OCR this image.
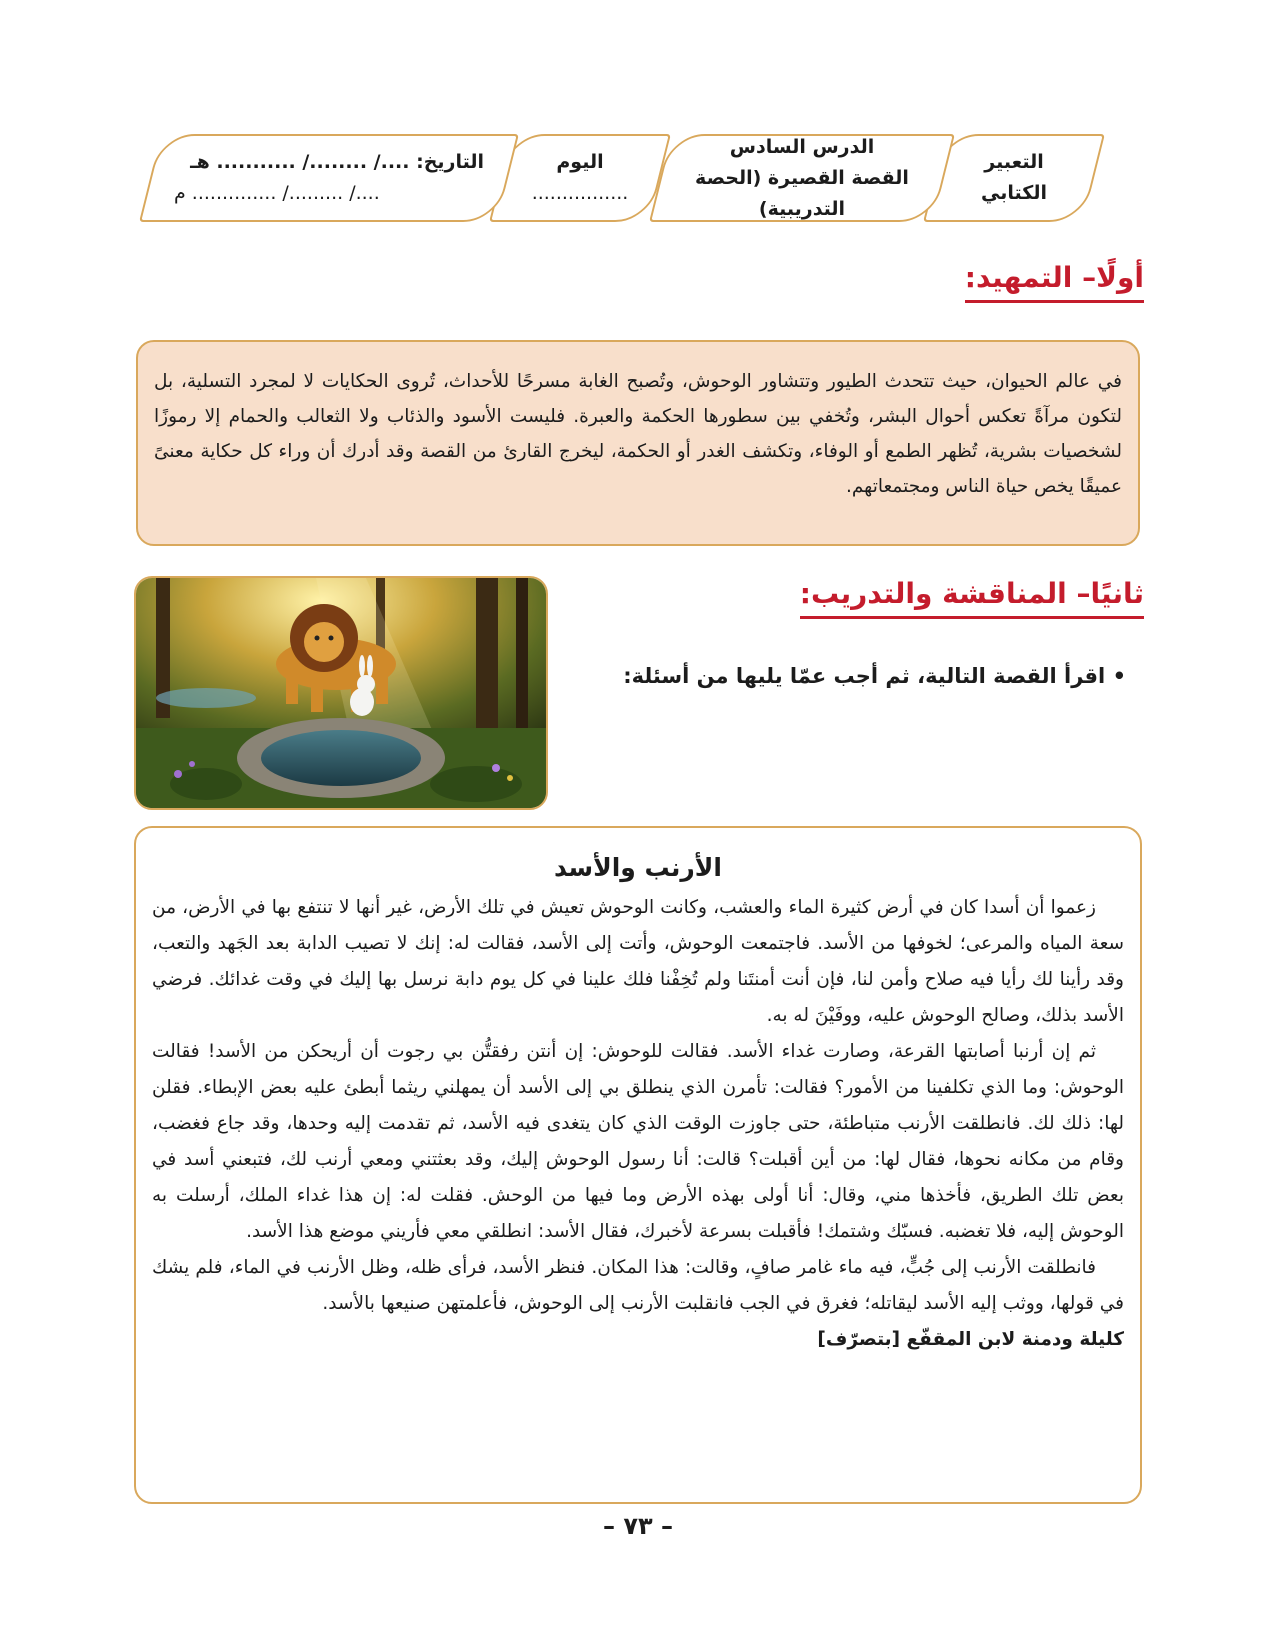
التعبير
الكتابي
الدرس السادس
القصة القصيرة (الحصة التدريبية)
اليوم
................
التاريخ: ..../ ......../ ........... هـ
..../ ........./ .............. م
أولًا– التمهيد:
في عالم الحيوان، حيث تتحدث الطيور وتتشاور الوحوش، وتُصبح الغابة مسرحًا للأحداث، تُروى الحكايات لا لمجرد التسلية، بل لتكون مرآةً تعكس أحوال البشر، وتُخفي بين سطورها الحكمة والعبرة. فليست الأسود والذئاب ولا الثعالب والحمام إلا رموزًا لشخصيات بشرية، تُظهر الطمع أو الوفاء، وتكشف الغدر أو الحكمة، ليخرج القارئ من القصة وقد أدرك أن وراء كل حكاية معنىً عميقًا يخص حياة الناس ومجتمعاتهم.
ثانيًا– المناقشة والتدريب:
• اقرأ القصة التالية، ثم أجب عمّا يليها من أسئلة:
الأرنب والأسد

زعموا أن أسدا كان في أرض كثيرة الماء والعشب، وكانت الوحوش تعيش في تلك الأرض، غير أنها لا تنتفع بها في الأرض، من سعة المياه والمرعى؛ لخوفها من الأسد. فاجتمعت الوحوش، وأتت إلى الأسد، فقالت له: إنك لا تصيب الدابة بعد الجَهد والتعب، وقد رأينا لك رأيا فيه صلاح وأمن لنا، فإن أنت أمنتَنا ولم تُخِفْنا فلك علينا في كل يوم دابة نرسل بها إليك في وقت غدائك. فرضي الأسد بذلك، وصالح الوحوش عليه، ووفَيْنَ له به.

ثم إن أرنبا أصابتها القرعة، وصارت غداء الأسد. فقالت للوحوش: إن أنتن رفقتُّن بي رجوت أن أريحكن من الأسد! فقالت الوحوش: وما الذي تكلفينا من الأمور؟ فقالت: تأمرن الذي ينطلق بي إلى الأسد أن يمهلني ريثما أبطئ عليه بعض الإبطاء. فقلن لها: ذلك لك. فانطلقت الأرنب متباطئة، حتى جاوزت الوقت الذي كان يتغدى فيه الأسد، ثم تقدمت إليه وحدها، وقد جاع فغضب، وقام من مكانه نحوها، فقال لها: من أين أقبلت؟ قالت: أنا رسول الوحوش إليك، وقد بعثتني ومعي أرنب لك، فتبعني أسد في بعض تلك الطريق، فأخذها مني، وقال: أنا أولى بهذه الأرض وما فيها من الوحش. فقلت له: إن هذا غداء الملك، أرسلت به الوحوش إليه، فلا تغضبه. فسبّك وشتمك! فأقبلت بسرعة لأخبرك، فقال الأسد: انطلقي معي فأريني موضع هذا الأسد.

فانطلقت الأرنب إلى جُبٍّ، فيه ماء غامر صافٍ، وقالت: هذا المكان. فنظر الأسد، فرأى ظله، وظل الأرنب في الماء، فلم يشك في قولها، ووثب إليه الأسد ليقاتله؛ فغرق في الجب فانقلبت الأرنب إلى الوحوش، فأعلمتهن صنيعها بالأسد.

كليلة ودمنة لابن المقفّع [بتصرّف]
– ٧٣ –
